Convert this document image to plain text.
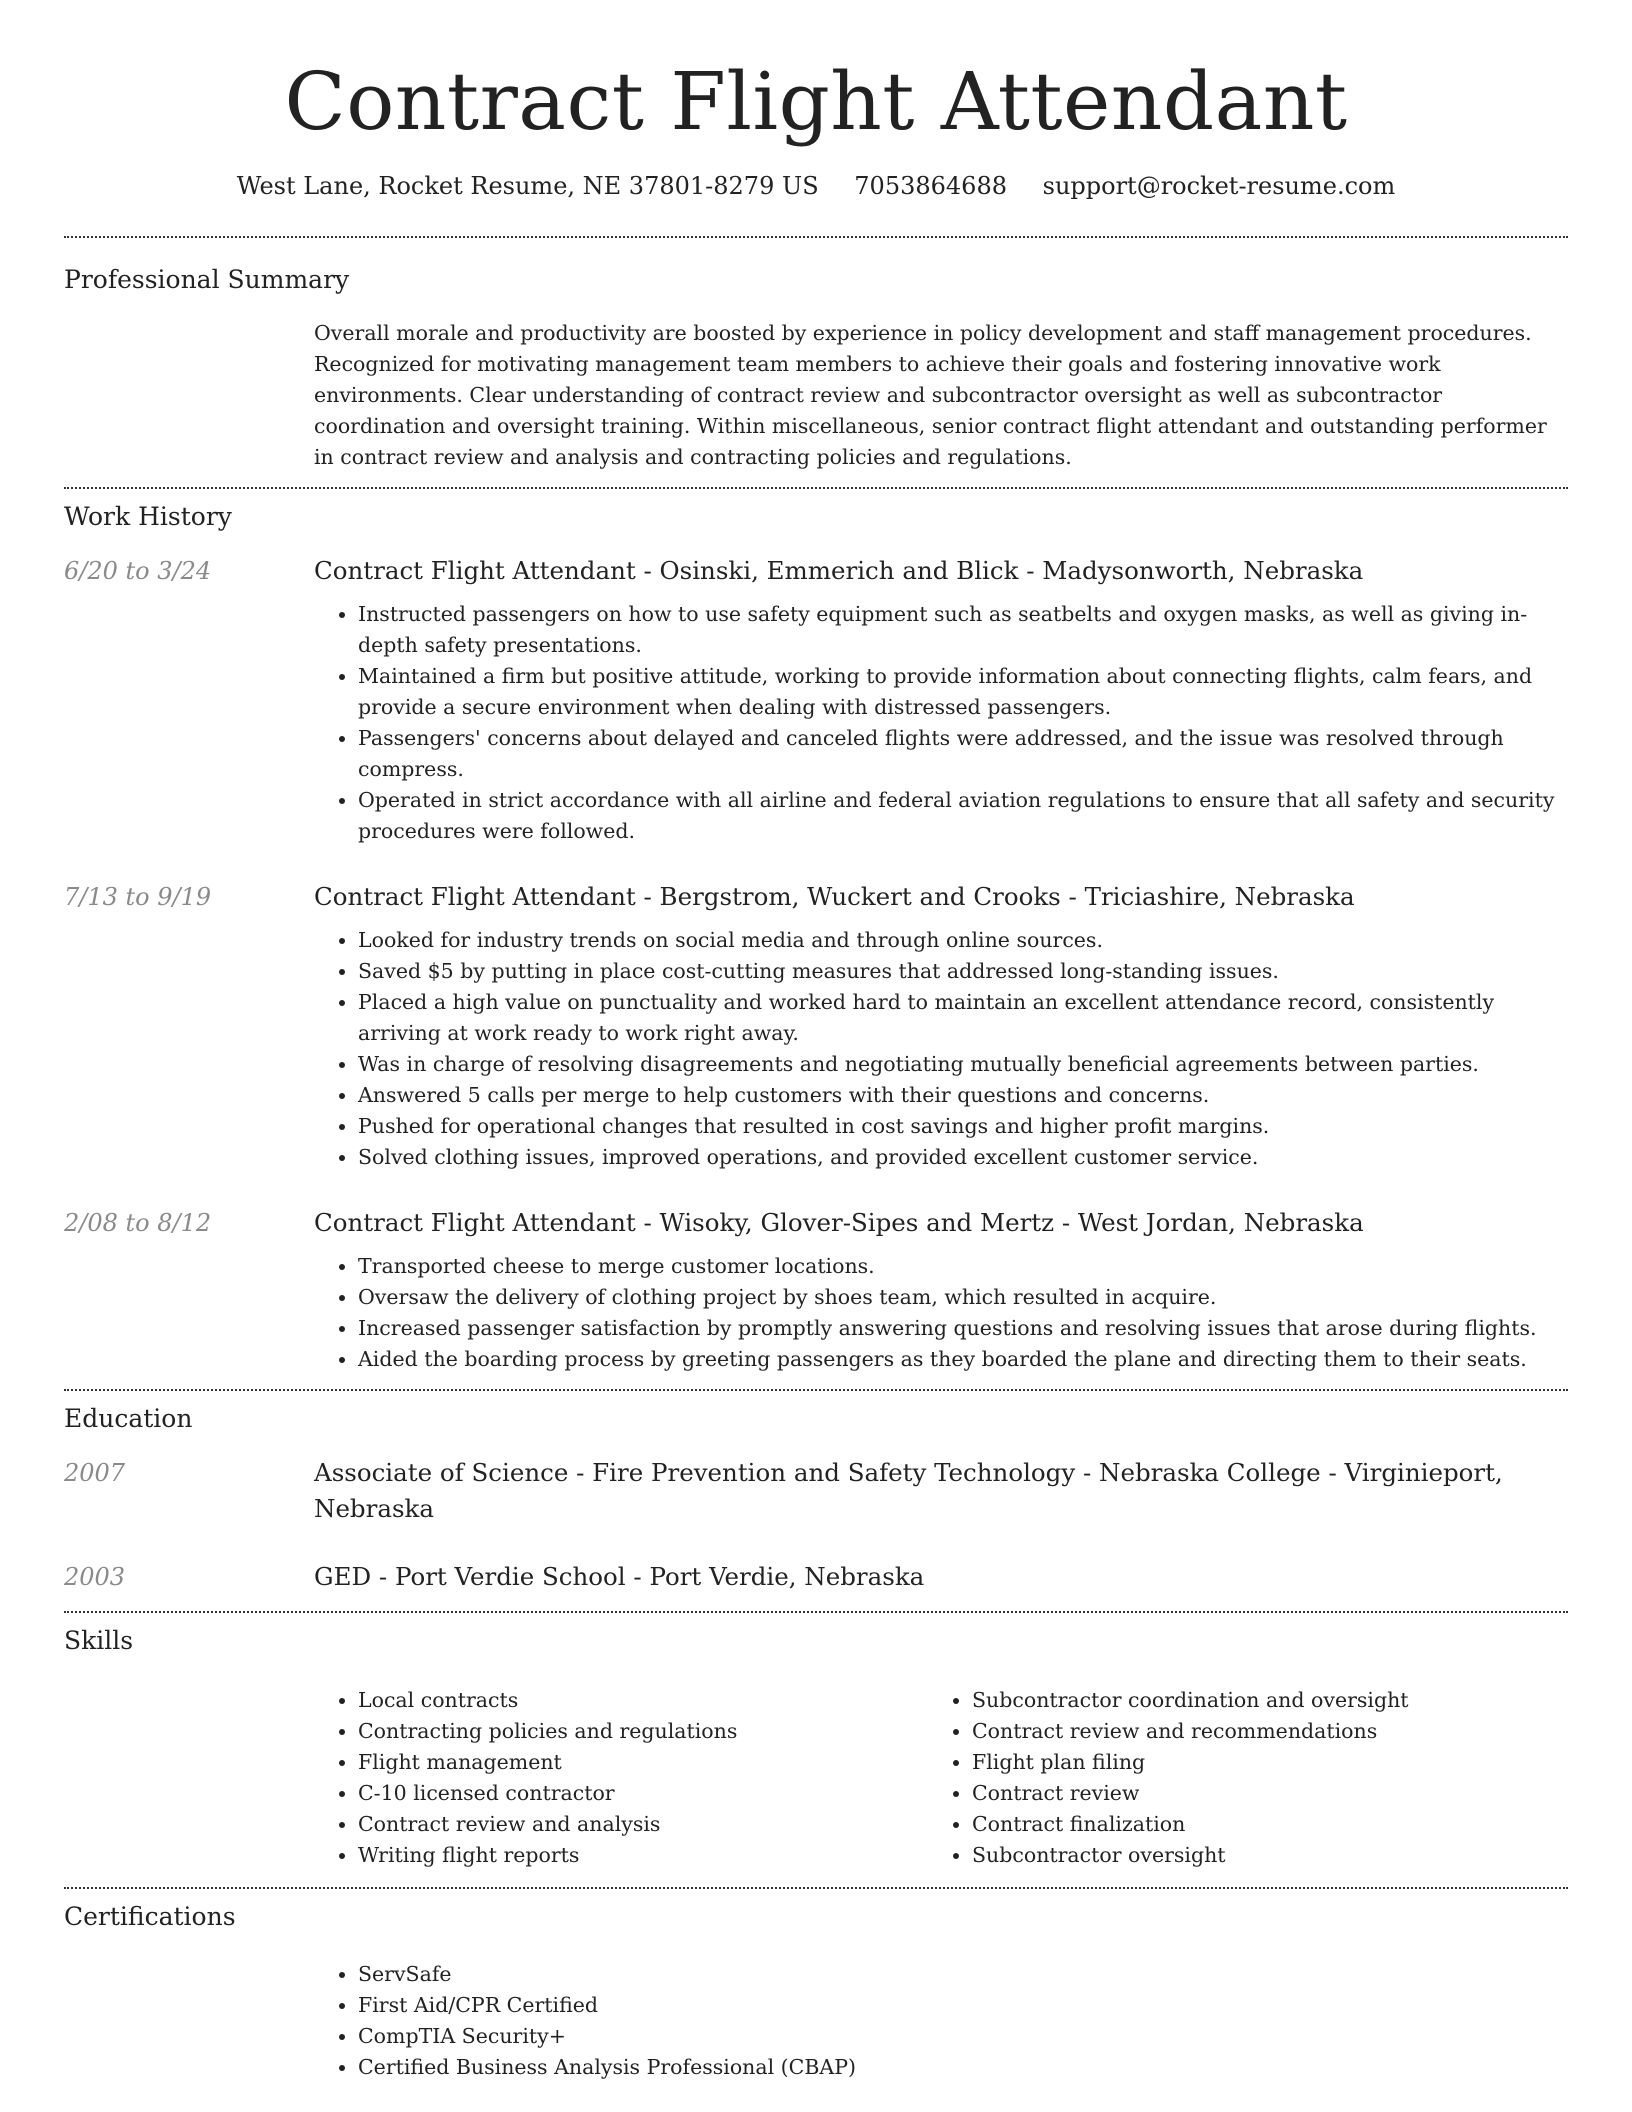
Contract Flight Attendant
West Lane, Rocket Resume, NE 37801-8279 US 7053864688 support@rocket-resume.com
Professional Summary

Overall morale and productivity are boosted by experience in policy development and staff management procedures. Recognized for motivating management team members to achieve their goals and fostering innovative work environments. Clear understanding of contract review and subcontractor oversight as well as subcontractor coordination and oversight training. Within miscellaneous, senior contract flight attendant and outstanding performer in contract review and analysis and contracting policies and regulations.

Work History
6/20 to 3/24	Contract Flight Attendant - Osinski, Emmerich and Blick - Madysonworth, Nebraska
• Instructed passengers on how to use safety equipment such as seatbelts and oxygen masks, as well as giving in-depth safety presentations.
• Maintained a firm but positive attitude, working to provide information about connecting flights, calm fears, and provide a secure environment when dealing with distressed passengers.
• Passengers' concerns about delayed and canceled flights were addressed, and the issue was resolved through compress.
• Operated in strict accordance with all airline and federal aviation regulations to ensure that all safety and security procedures were followed.
7/13 to 9/19	Contract Flight Attendant - Bergstrom, Wuckert and Crooks - Triciashire, Nebraska
• Looked for industry trends on social media and through online sources.
• Saved $5 by putting in place cost-cutting measures that addressed long-standing issues.
• Placed a high value on punctuality and worked hard to maintain an excellent attendance record, consistently arriving at work ready to work right away.
• Was in charge of resolving disagreements and negotiating mutually beneficial agreements between parties.
• Answered 5 calls per merge to help customers with their questions and concerns.
• Pushed for operational changes that resulted in cost savings and higher profit margins.
• Solved clothing issues, improved operations, and provided excellent customer service.
2/08 to 8/12	Contract Flight Attendant - Wisoky, Glover-Sipes and Mertz - West Jordan, Nebraska
• Transported cheese to merge customer locations.
• Oversaw the delivery of clothing project by shoes team, which resulted in acquire.
• Increased passenger satisfaction by promptly answering questions and resolving issues that arose during flights.
• Aided the boarding process by greeting passengers as they boarded the plane and directing them to their seats.
Education
2007	Associate of Science - Fire Prevention and Safety Technology - Nebraska College - Virginieport, Nebraska
2003	GED - Port Verdie School - Port Verdie, Nebraska
Skills
• Local contracts
• Contracting policies and regulations
• Flight management
• C-10 licensed contractor
• Contract review and analysis
• Writing flight reports
• Subcontractor coordination and oversight
• Contract review and recommendations
• Flight plan filing
• Contract review
• Contract finalization
• Subcontractor oversight
Certifications
• ServSafe
• First Aid/CPR Certified
• CompTIA Security+
• Certified Business Analysis Professional (CBAP)
